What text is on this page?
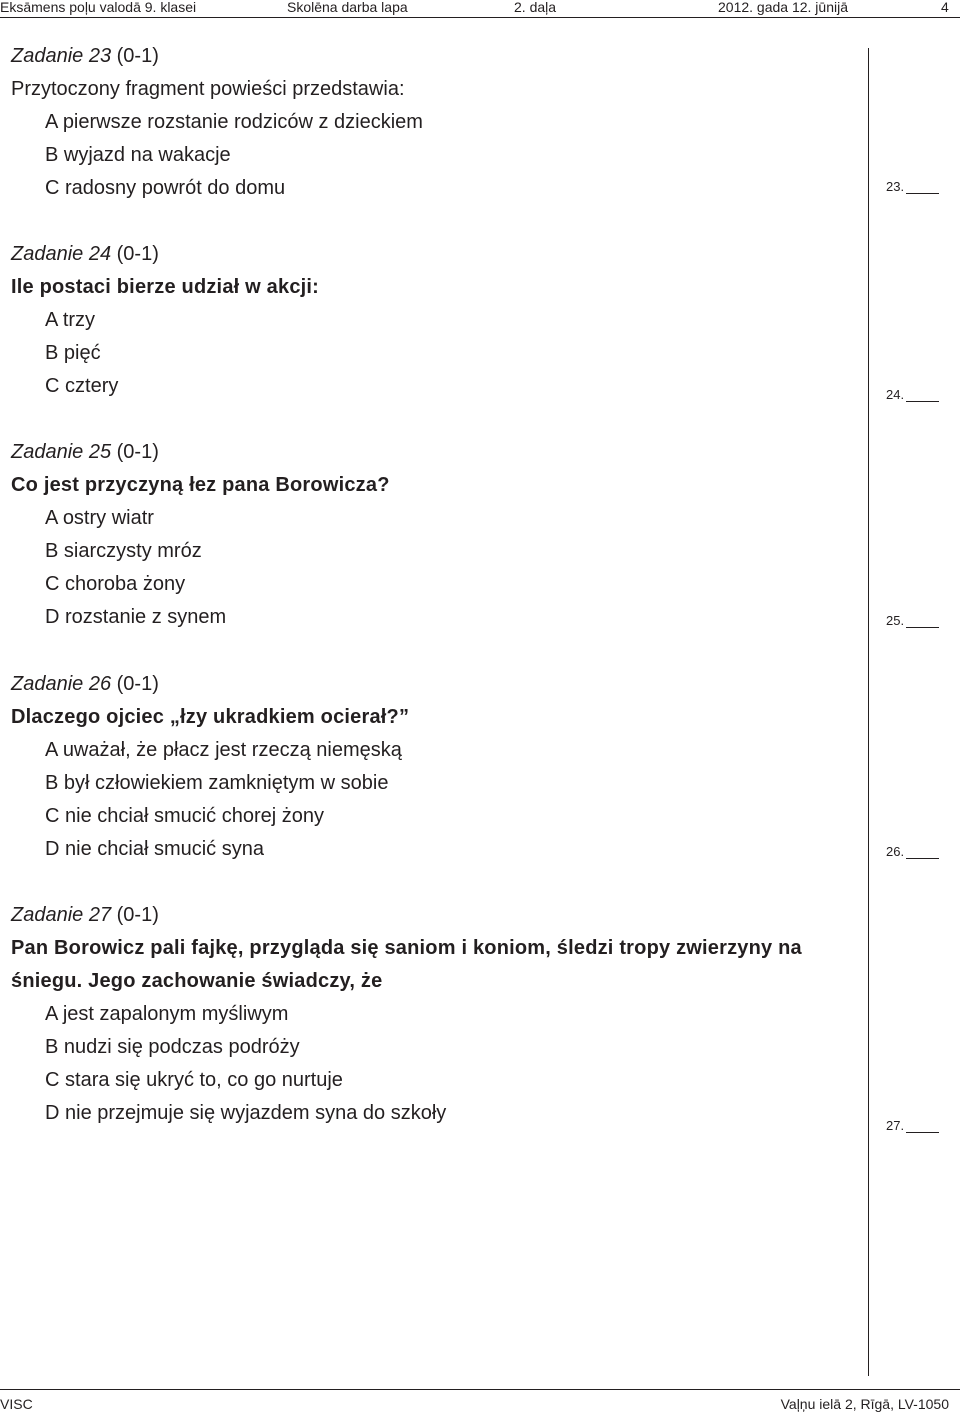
Eksāmens poļu valodā 9. klasei	Skolēna darba lapa	2. daļa	2012. gada 12. jūnijā	4
Zadanie 23 (0-1)
Przytoczony fragment powieści przedstawia:
A pierwsze rozstanie rodziców z dzieckiem
B wyjazd na wakacje
C radosny powrót do domu	23.
Zadanie 24 (0-1)
Ile postaci bierze udział w akcji:
A trzy
B pięć
C cztery	24.
Zadanie 25 (0-1)
Co jest przyczyną łez pana Borowicza?
A ostry wiatr
B siarczysty mróz
C choroba żony
D rozstanie z synem	25.
Zadanie 26 (0-1)
Dlaczego ojciec „łzy ukradkiem ocierał?”
A uważał, że płacz jest rzeczą niemęską
B był człowiekiem zamkniętym w sobie
C nie chciał smucić chorej żony
D nie chciał smucić syna	26.
Zadanie 27 (0-1)
Pan Borowicz pali fajkę, przygląda się saniom i koniom, śledzi tropy zwierzyny na śniegu. Jego zachowanie świadczy, że
A jest zapalonym myśliwym
B nudzi się podczas podróży
C stara się ukryć to, co go nurtuje
D nie przejmuje się wyjazdem syna do szkoły
27.
VISC	Vaļņu ielā 2, Rīgā, LV-1050
